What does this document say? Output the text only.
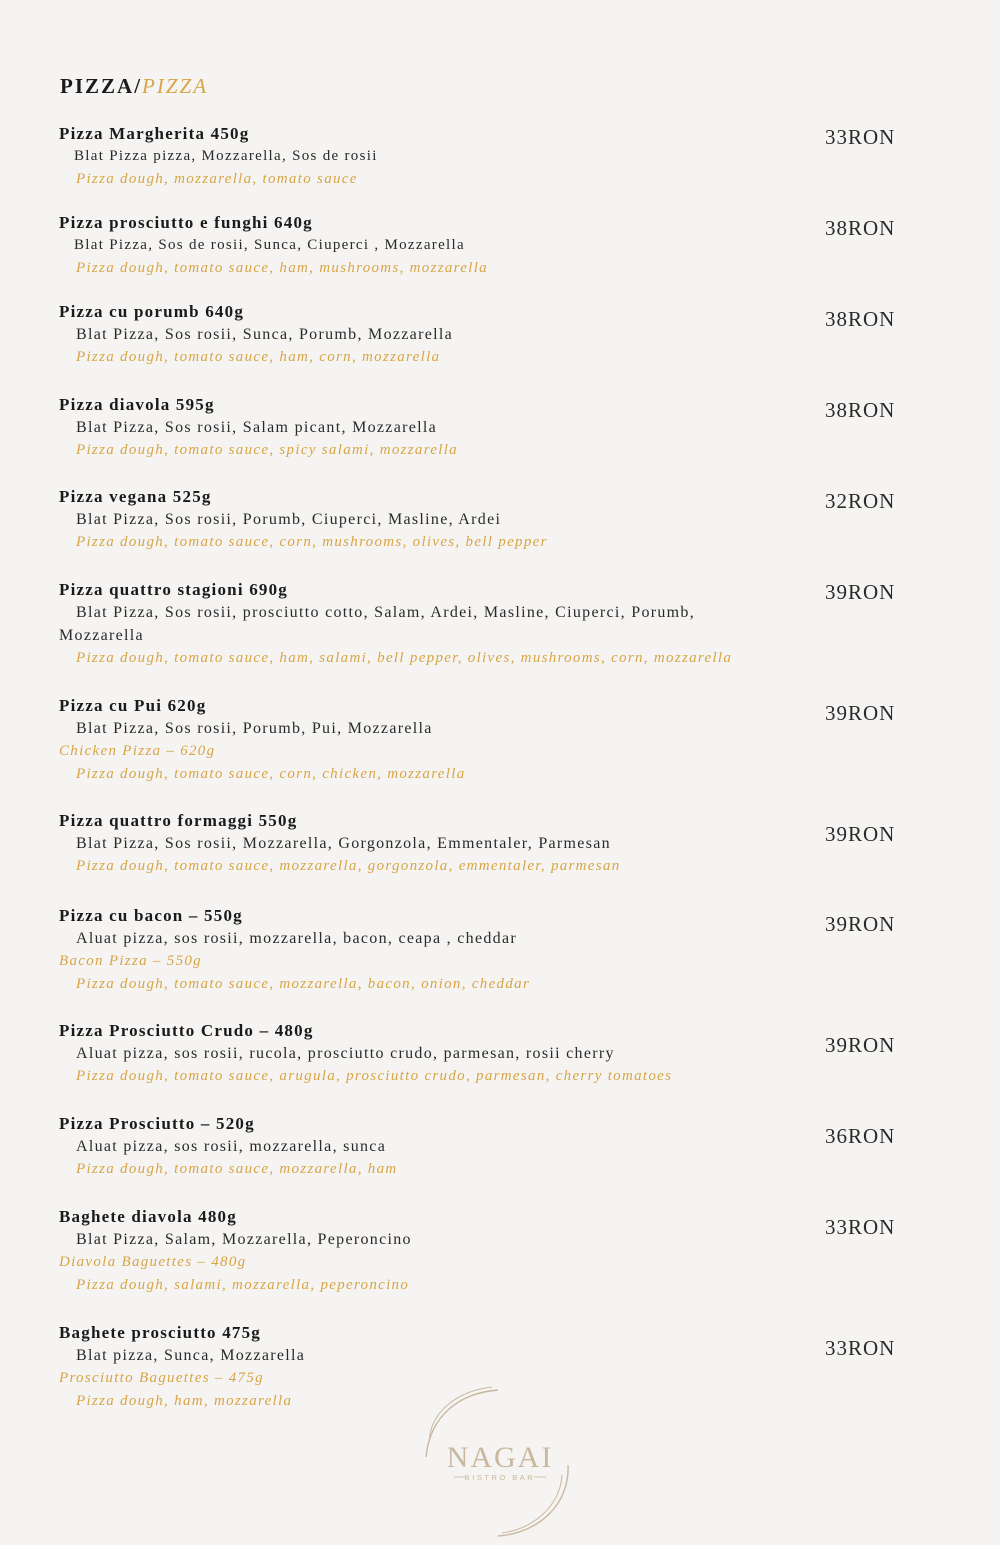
PIZZA/PIZZA
Pizza Margherita 450g
Blat Pizza pizza, Mozzarella, Sos de rosii
Pizza dough, mozzarella, tomato sauce
33RON
Pizza prosciutto e funghi 640g
Blat Pizza, Sos de rosii, Sunca, Ciuperci , Mozzarella
Pizza dough, tomato sauce, ham, mushrooms, mozzarella
38RON
Pizza cu porumb 640g
Blat Pizza, Sos rosii, Sunca, Porumb, Mozzarella
Pizza dough, tomato sauce, ham, corn, mozzarella
38RON
Pizza diavola 595g
Blat Pizza, Sos rosii, Salam picant, Mozzarella
Pizza dough, tomato sauce, spicy salami, mozzarella
38RON
Pizza vegana 525g
Blat Pizza, Sos rosii, Porumb, Ciuperci, Masline, Ardei
Pizza dough, tomato sauce, corn, mushrooms, olives, bell pepper
32RON
Pizza quattro stagioni 690g
Blat Pizza, Sos rosii, prosciutto cotto, Salam, Ardei, Masline, Ciuperci, Porumb, Mozzarella
Pizza dough, tomato sauce, ham, salami, bell pepper, olives, mushrooms, corn, mozzarella
39RON
Pizza cu Pui 620g
Blat Pizza, Sos rosii, Porumb, Pui, Mozzarella
Chicken Pizza – 620g
Pizza dough, tomato sauce, corn, chicken, mozzarella
39RON
Pizza quattro formaggi 550g
Blat Pizza, Sos rosii, Mozzarella, Gorgonzola, Emmentaler, Parmesan
Pizza dough, tomato sauce, mozzarella, gorgonzola, emmentaler, parmesan
39RON
Pizza cu bacon – 550g
Aluat pizza, sos rosii, mozzarella, bacon, ceapa , cheddar
Bacon Pizza – 550g
Pizza dough, tomato sauce, mozzarella, bacon, onion, cheddar
39RON
Pizza Prosciutto Crudo – 480g
Aluat pizza, sos rosii, rucola, prosciutto crudo, parmesan, rosii cherry
Pizza dough, tomato sauce, arugula, prosciutto crudo, parmesan, cherry tomatoes
39RON
Pizza Prosciutto – 520g
Aluat pizza, sos rosii, mozzarella, sunca
Pizza dough, tomato sauce, mozzarella, ham
36RON
Baghete diavola 480g
Blat Pizza, Salam, Mozzarella, Peperoncino
Diavola Baguettes – 480g
Pizza dough, salami, mozzarella, peperoncino
33RON
Baghete prosciutto 475g
Blat pizza, Sunca, Mozzarella
Prosciutto Baguettes – 475g
Pizza dough, ham, mozzarella
33RON
NAGAI
BISTRO BAR
